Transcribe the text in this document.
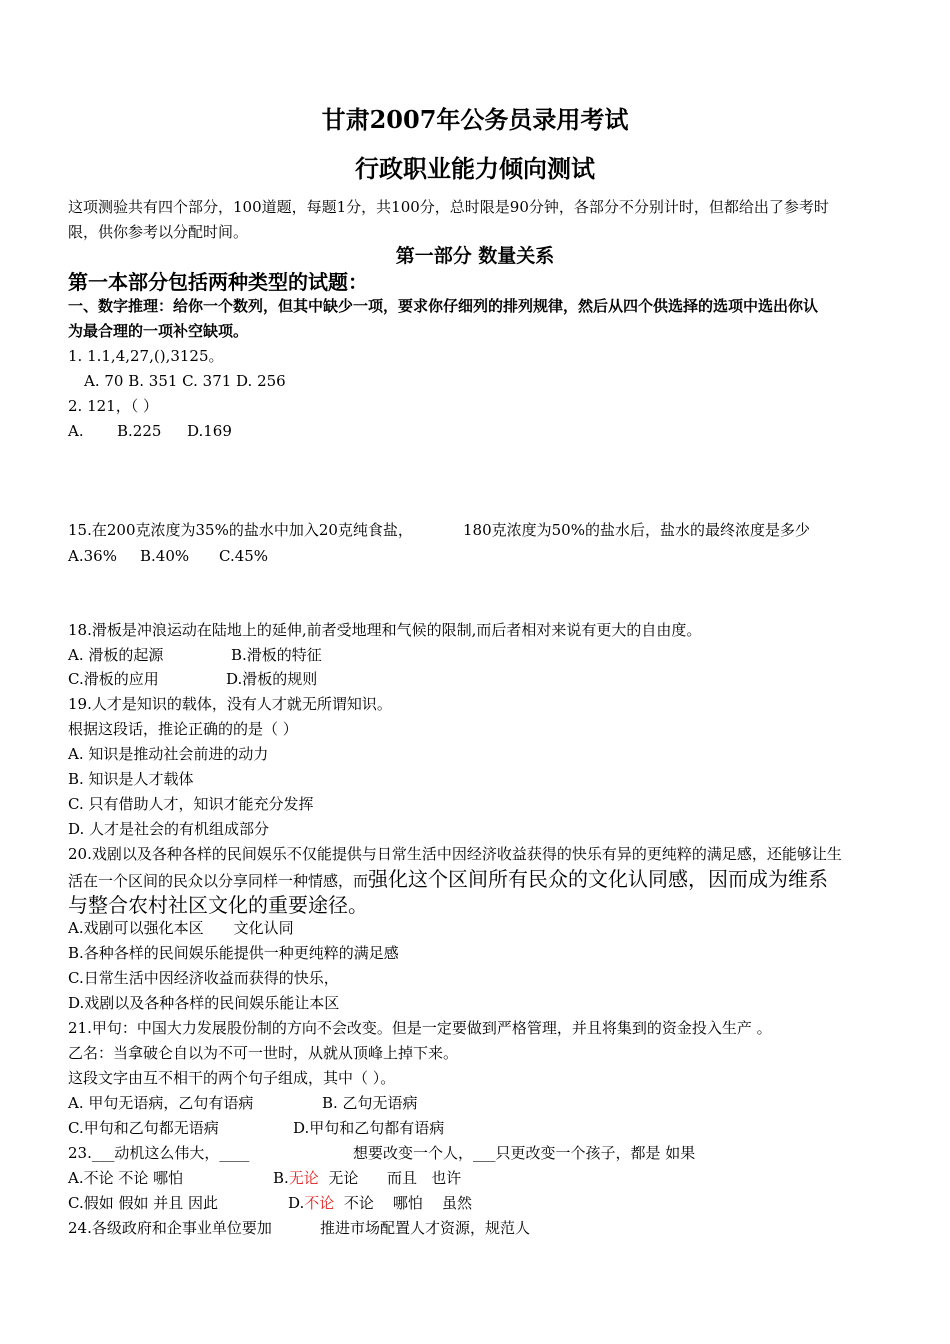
甘肃2007年公务员录用考试
行政职业能力倾向测试
这项测验共有四个部分，100道题，每题1分，共100分，总时限是90分钟，各部分不分别计时，但都给出了参考时
限，供你参考以分配时间。
第一部分 数量关系
第一本部分包括两种类型的试题：
一、数字推理：给你一个数列，但其中缺少一项，要求你仔细列的排列规律，然后从四个供选择的选项中选出你认
为最合理的一项补空缺项。
1. 1.1,4,27,(),3125。
A. 70 B. 351 C. 371 D. 256
2. 121，（ ）
A. B.225 D.169
15.在200克浓度为35%的盐水中加入20克纯食盐，	180克浓度为50%的盐水后，盐水的最终浓度是多少
A.36% B.40% C.45%
18.滑板是冲浪运动在陆地上的延伸,前者受地理和气候的限制,而后者相对来说有更大的自由度。
A. 滑板的起源	B.滑板的特征
C.滑板的应用	D.滑板的规则
19.人才是知识的载体，没有人才就无所谓知识。
根据这段话，推论正确的的是（ ）
A. 知识是推动社会前进的动力
B. 知识是人才载体
C. 只有借助人才，知识才能充分发挥
D. 人才是社会的有机组成部分
20.戏剧以及各种各样的民间娱乐不仅能提供与日常生活中因经济收益获得的快乐有异的更纯粹的满足感，还能够让生
活在一个区间的民众以分享同样一种情感，而强化这个区间所有民众的文化认同感，因而成为维系
与整合农村社区文化的重要途径。
A.戏剧可以强化本区 文化认同
B.各种各样的民间娱乐能提供一种更纯粹的满足感
C.日常生活中因经济收益而获得的快乐，
D.戏剧以及各种各样的民间娱乐能让本区
21.甲句：中国大力发展股份制的方向不会改变。但是一定要做到严格管理，并且将集到的资金投入生产 。
乙名：当拿破仑自以为不可一世时，从就从顶峰上掉下来。
这段文字由互不相干的两个句子组成，其中（ ）。
A. 甲句无语病，乙句有语病	B. 乙句无语病
C.甲句和乙句都无语病	D.甲句和乙句都有语病
23.___动机这么伟大，____	想要改变一个人，___只更改变一个孩子，都是 如果
A.不论 不论 哪怕	B.无论  无论      而且   也许
C.假如 假如 并且 因此	D.不论  不论    哪怕    虽然
24.各级政府和企事业单位要加	推进市场配置人才资源，规范人
